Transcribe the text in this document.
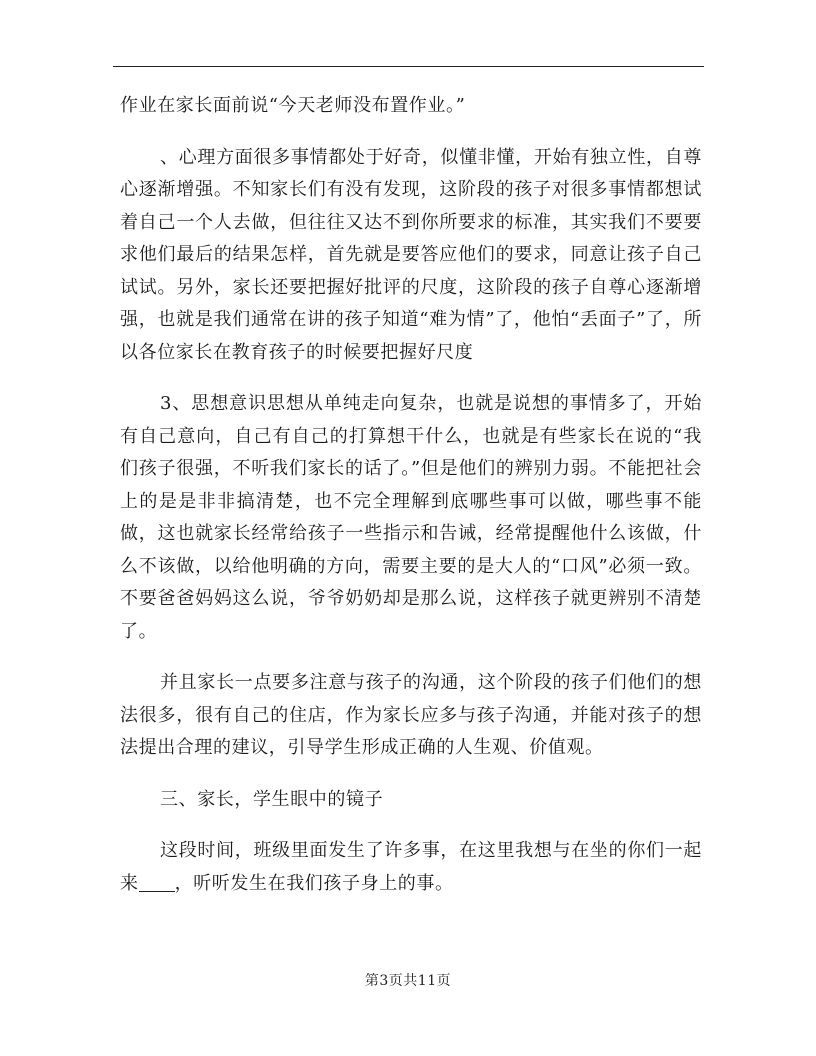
作业在家长面前说“今天老师没布置作业。”

、心理方面很多事情都处于好奇，似懂非懂，开始有独立性，自尊心逐渐增强。不知家长们有没有发现，这阶段的孩子对很多事情都想试着自己一个人去做，但往往又达不到你所要求的标准，其实我们不要要求他们最后的结果怎样，首先就是要答应他们的要求，同意让孩子自己试试。另外，家长还要把握好批评的尺度，这阶段的孩子自尊心逐渐增强，也就是我们通常在讲的孩子知道“难为情”了，他怕“丢面子”了，所以各位家长在教育孩子的时候要把握好尺度

3、思想意识思想从单纯走向复杂，也就是说想的事情多了，开始有自己意向，自己有自己的打算想干什么，也就是有些家长在说的“我们孩子很强，不听我们家长的话了。”但是他们的辨别力弱。不能把社会上的是是非非搞清楚，也不完全理解到底哪些事可以做，哪些事不能做，这也就家长经常给孩子一些指示和告诫，经常提醒他什么该做，什么不该做，以给他明确的方向，需要主要的是大人的“口风”必须一致。不要爸爸妈妈这么说，爷爷奶奶却是那么说，这样孩子就更辨别不清楚了。

并且家长一点要多注意与孩子的沟通，这个阶段的孩子们他们的想法很多，很有自己的住店，作为家长应多与孩子沟通，并能对孩子的想法提出合理的建议，引导学生形成正确的人生观、价值观。

三、家长，学生眼中的镜子

这段时间，班级里面发生了许多事，在这里我想与在坐的你们一起来 ，听听发生在我们孩子身上的事。

第3页共11页
